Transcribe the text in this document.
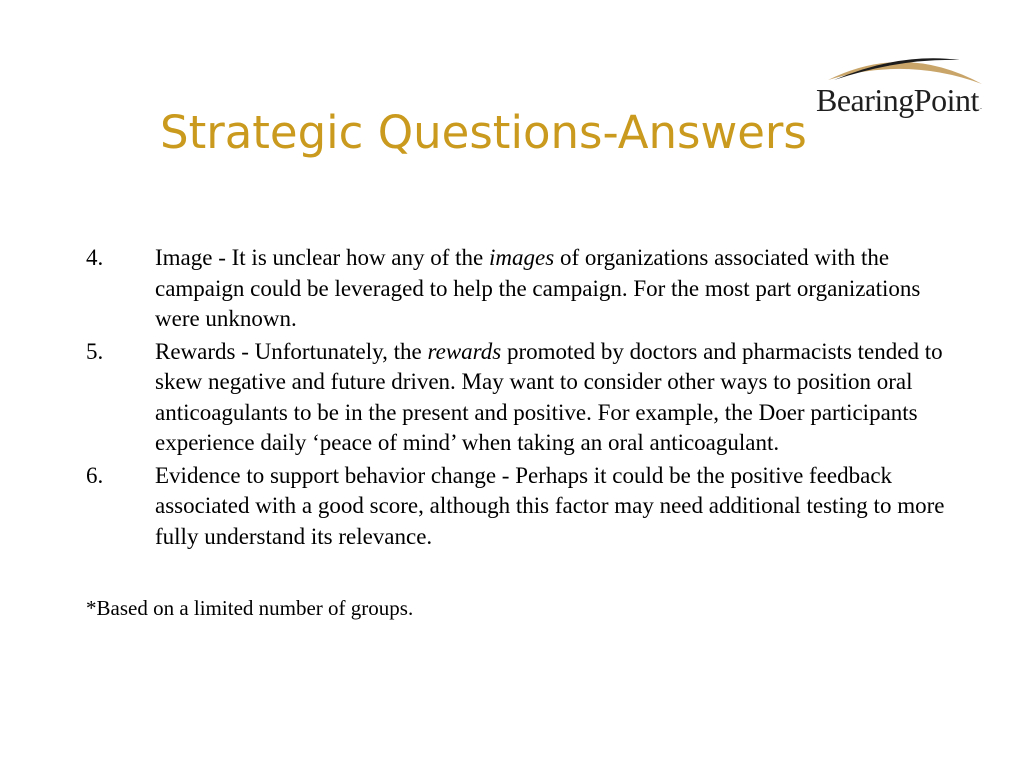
BearingPoint.
Strategic Questions-Answers
4. Image - It is unclear how any of the images of organizations associated with the campaign could be leveraged to help the campaign. For the most part organizations were unknown.
5. Rewards - Unfortunately, the rewards promoted by doctors and pharmacists tended to skew negative and future driven. May want to consider other ways to position oral anticoagulants to be in the present and positive. For example, the Doer participants experience daily ‘peace of mind’ when taking an oral anticoagulant.
6. Evidence to support behavior change - Perhaps it could be the positive feedback associated with a good score, although this factor may need additional testing to more fully understand its relevance.
*Based on a limited number of groups.
